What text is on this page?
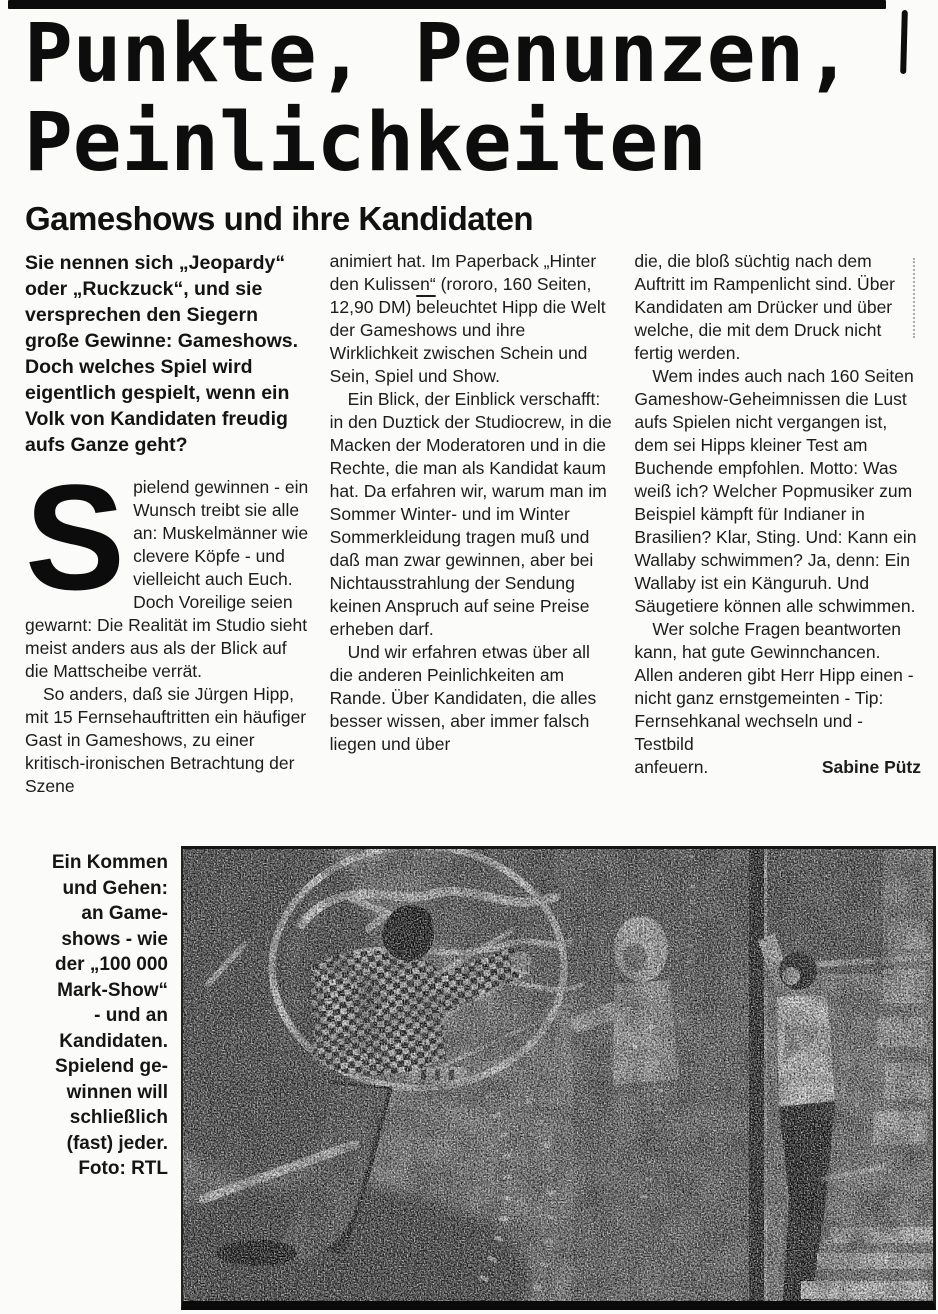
Punkte, Penunzen,
Peinlichkeiten
Gameshows und ihre Kandidaten

Sie nennen sich „Jeopardy“ oder „Ruckzuck“, und sie versprechen den Siegern große Gewinne: Gameshows. Doch welches Spiel wird eigentlich gespielt, wenn ein Volk von Kandidaten freudig aufs Ganze geht?

Spielend gewinnen - ein Wunsch treibt sie alle an: Muskelmänner wie clevere Köpfe - und vielleicht auch Euch. Doch Voreilige seien gewarnt: Die Realität im Studio sieht meist anders aus als der Blick auf die Mattscheibe verrät.

So anders, daß sie Jürgen Hipp, mit 15 Fernsehauftritten ein häufiger Gast in Gameshows, zu einer kritisch-ironischen Betrachtung der Szene

animiert hat. Im Paperback „Hinter den Kulissen“ (rororo, 160 Seiten, 12,90 DM) $\overline{be}leuchtet$ Hipp die Welt der Gameshows und ihre Wirklichkeit zwischen Schein und Sein, Spiel und Show.

Ein Blick, der Einblick verschafft: in den Duztick der Studiocrew, in die Macken der Moderatoren und in die Rechte, die man als Kandidat kaum hat. Da erfahren wir, warum man im Sommer Winter- und im Winter Sommerkleidung tragen muß und daß man zwar gewinnen, aber bei Nichtausstrahlung der Sendung keinen Anspruch auf seine Preise erheben darf.

Und wir erfahren etwas über all die anderen Peinlichkeiten am Rande. Über Kandidaten, die alles besser wissen, aber immer falsch liegen und über

die, die bloß süchtig nach dem Auftritt im Rampenlicht sind. Über Kandidaten am Drücker und über welche, die mit dem Druck nicht fertig werden.

Wem indes auch nach 160 Seiten Gameshow-Geheimnissen die Lust aufs Spielen nicht vergangen ist, dem sei Hipps kleiner Test am Buchende empfohlen. Motto: Was weiß ich? Welcher Popmusiker zum Beispiel kämpft für Indianer in Brasilien? Klar, Sting. Und: Kann ein Wallaby schwimmen? Ja, denn: Ein Wallaby ist ein Känguruh. Und Säugetiere können alle schwimmen.

Wer solche Fragen beantworten kann, hat gute Gewinnchancen. Allen anderen gibt Herr Hipp einen - nicht ganz ernstgemeinten - Tip: Fernsehkanal wechseln und - Testbild

anfeuern.	Sabine Pütz
Ein Kommen
und Gehen:
an Game-
shows - wie
der „100 000
Mark-Show“
- und an
Kandidaten.
Spielend ge-
winnen will
schließlich
(fast) jeder.
Foto: RTL
